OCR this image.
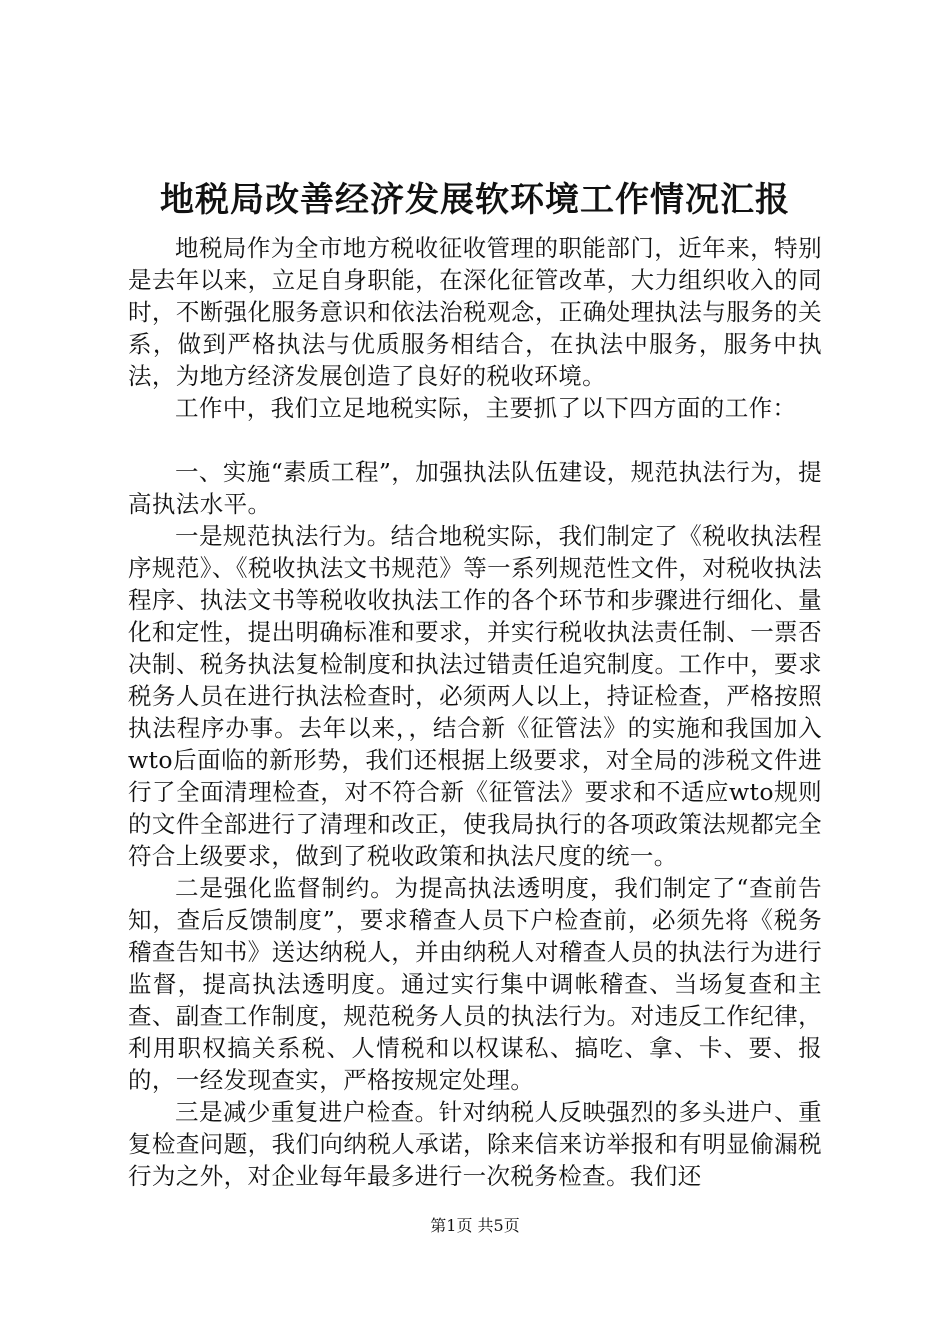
地税局改善经济发展软环境工作情况汇报

地税局作为全市地方税收征收管理的职能部门，近年来，特别是去年以来，立足自身职能，在深化征管改革，大力组织收入的同时，不断强化服务意识和依法治税观念，正确处理执法与服务的关系，做到严格执法与优质服务相结合，在执法中服务，服务中执法，为地方经济发展创造了良好的税收环境。

工作中，我们立足地税实际，主要抓了以下四方面的工作：

一、实施“素质工程”，加强执法队伍建设，规范执法行为，提高执法水平。

一是规范执法行为。结合地税实际，我们制定了《税收执法程序规范》、《税收执法文书规范》等一系列规范性文件，对税收执法程序、执法文书等税收收执法工作的各个环节和步骤进行细化、量化和定性，提出明确标准和要求，并实行税收执法责任制、一票否决制、税务执法复检制度和执法过错责任追究制度。工作中，要求税务人员在进行执法检查时，必须两人以上，持证检查，严格按照执法程序办事。去年以来，，结合新《征管法》的实施和我国加入wto后面临的新形势，我们还根据上级要求，对全局的涉税文件进行了全面清理检查，对不符合新《征管法》要求和不适应wto规则的文件全部进行了清理和改正，使我局执行的各项政策法规都完全符合上级要求，做到了税收政策和执法尺度的统一。

二是强化监督制约。为提高执法透明度，我们制定了“查前告知，查后反馈制度”，要求稽查人员下户检查前，必须先将《税务稽查告知书》送达纳税人，并由纳税人对稽查人员的执法行为进行监督，提高执法透明度。通过实行集中调帐稽查、当场复查和主查、副查工作制度，规范税务人员的执法行为。对违反工作纪律，利用职权搞关系税、人情税和以权谋私、搞吃、拿、卡、要、报的，一经发现查实，严格按规定处理。

三是减少重复进户检查。针对纳税人反映强烈的多头进户、重复检查问题，我们向纳税人承诺，除来信来访举报和有明显偷漏税行为之外，对企业每年最多进行一次税务检查。我们还

第1页 共5页
